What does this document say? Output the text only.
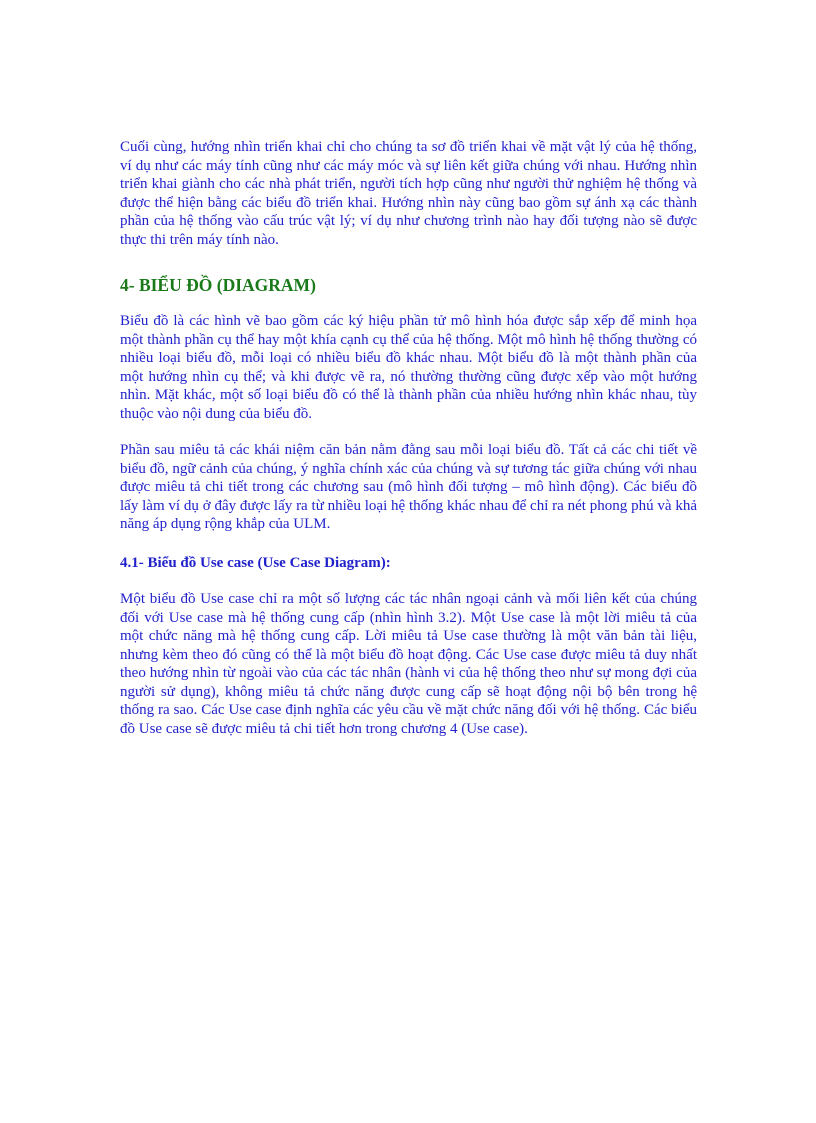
Cuối cùng, hướng nhìn triển khai chỉ cho chúng ta sơ đồ triển khai về mặt vật lý của hệ thống, ví dụ như các máy tính cũng như các máy móc và sự liên kết giữa chúng với nhau. Hướng nhìn triển khai giành cho các nhà phát triển, người tích hợp cũng như người thử nghiệm hệ thống và được thể hiện bằng các biểu đồ triển khai. Hướng nhìn này cũng bao gồm sự ánh xạ các thành phần của hệ thống vào cấu trúc vật lý; ví dụ như chương trình nào hay đối tượng nào sẽ được thực thi trên máy tính nào.

4- BIỂU ĐỒ (DIAGRAM)

Biểu đồ là các hình vẽ bao gồm các ký hiệu phần tử mô hình hóa được sắp xếp để minh họa một thành phần cụ thể hay một khía cạnh cụ thể của hệ thống. Một mô hình hệ thống thường có nhiều loại biểu đồ, mỗi loại có nhiều biểu đồ khác nhau. Một biểu đồ là một thành phần của một hướng nhìn cụ thể; và khi được vẽ ra, nó thường thường cũng được xếp vào một hướng nhìn. Mặt khác, một số loại biểu đồ có thể là thành phần của nhiều hướng nhìn khác nhau, tùy thuộc vào nội dung của biểu đồ.

Phần sau miêu tả các khái niệm căn bản nằm đằng sau mỗi loại biểu đồ. Tất cả các chi tiết về biểu đồ, ngữ cảnh của chúng, ý nghĩa chính xác của chúng và sự tương tác giữa chúng với nhau được miêu tả chi tiết trong các chương sau (mô hình đối tượng – mô hình động). Các biểu đồ lấy làm ví dụ ở đây được lấy ra từ nhiều loại hệ thống khác nhau để chỉ ra nét phong phú và khả năng áp dụng rộng khắp của ULM.

4.1- Biểu đồ Use case (Use Case Diagram):

Một biểu đồ Use case chỉ ra một số lượng các tác nhân ngoại cảnh và mối liên kết của chúng đối với Use case mà hệ thống cung cấp (nhìn hình 3.2). Một Use case là một lời miêu tả của một chức năng mà hệ thống cung cấp. Lời miêu tả Use case thường là một văn bản tài liệu, nhưng kèm theo đó cũng có thể là một biểu đồ hoạt động. Các Use case được miêu tả duy nhất theo hướng nhìn từ ngoài vào của các tác nhân (hành vi của hệ thống theo như sự mong đợi của người sử dụng), không miêu tả chức năng được cung cấp sẽ hoạt động nội bộ bên trong hệ thống ra sao. Các Use case định nghĩa các yêu cầu về mặt chức năng đối với hệ thống. Các biểu đồ Use case sẽ được miêu tả chi tiết hơn trong chương 4 (Use case).
